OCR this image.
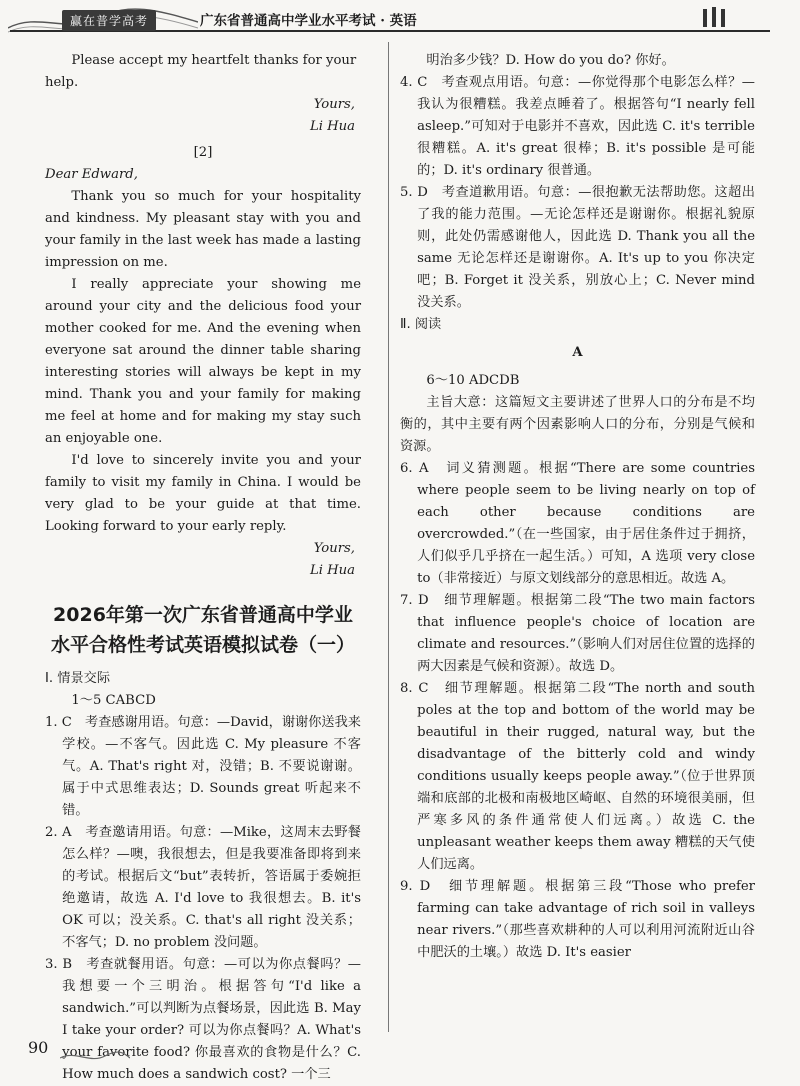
赢在普学高考	广东省普通高中学业水平考试 · 英语

Please accept my heartfelt thanks for your help.

Yours,

Li Hua

[2]

Dear Edward,

Thank you so much for your hospitality and kindness. My pleasant stay with you and your family in the last week has made a lasting impression on me.

I really appreciate your showing me around your city and the delicious food your mother cooked for me. And the evening when everyone sat around the dinner table sharing interesting stories will always be kept in my mind. Thank you and your family for making me feel at home and for making my stay such an enjoyable one.

I'd love to sincerely invite you and your family to visit my family in China. I would be very glad to be your guide at that time. Looking forward to your early reply.

Yours,

Li Hua

2026年第一次广东省普通高中学业水平合格性考试英语模拟试卷（一）

Ⅰ. 情景交际

1～5 CABCD

1. C　考查感谢用语。句意：—David，谢谢你送我来学校。—不客气。因此选 C. My pleasure 不客气。A. That's right 对，没错；B. 不要说谢谢。属于中式思维表达；D. Sounds great 听起来不错。

2. A　考查邀请用语。句意：—Mike，这周末去野餐怎么样？—噢，我很想去，但是我要准备即将到来的考试。根据后文“but”表转折，答语属于委婉拒绝邀请，故选 A. I'd love to 我很想去。B. it's OK 可以；没关系。C. that's all right 没关系；不客气；D. no problem 没问题。

3. B　考查就餐用语。句意：—可以为你点餐吗？—我想要一个三明治。根据答句“I'd like a sandwich.”可以判断为点餐场景，因此选 B. May I take your order? 可以为你点餐吗？A. What's your favorite food? 你最喜欢的食物是什么？C. How much does a sandwich cost? 一个三

明治多少钱？D. How do you do? 你好。

4. C　考查观点用语。句意：—你觉得那个电影怎么样？—我认为很糟糕。我差点睡着了。根据答句“I nearly fell asleep.”可知对于电影并不喜欢，因此选 C. it's terrible 很糟糕。A. it's great 很棒；B. it's possible 是可能的；D. it's ordinary 很普通。

5. D　考查道歉用语。句意：—很抱歉无法帮助您。这超出了我的能力范围。—无论怎样还是谢谢你。根据礼貌原则，此处仍需感谢他人，因此选 D. Thank you all the same 无论怎样还是谢谢你。A. It's up to you 你决定吧；B. Forget it 没关系，别放心上；C. Never mind 没关系。

Ⅱ. 阅读

A

6～10 ADCDB

主旨大意：这篇短文主要讲述了世界人口的分布是不均衡的，其中主要有两个因素影响人口的分布，分别是气候和资源。

6. A　词义猜测题。根据“There are some countries where people seem to be living nearly on top of each other because conditions are overcrowded.”（在一些国家，由于居住条件过于拥挤，人们似乎几乎挤在一起生活。）可知，A 选项 very close to（非常接近）与原文划线部分的意思相近。故选 A。

7. D　细节理解题。根据第二段“The two main factors that influence people's choice of location are climate and resources.”（影响人们对居住位置的选择的两大因素是气候和资源）。故选 D。

8. C　细节理解题。根据第二段“The north and south poles at the top and bottom of the world may be beautiful in their rugged, natural way, but the disadvantage of the bitterly cold and windy conditions usually keeps people away.”（位于世界顶端和底部的北极和南极地区崎岖、自然的环境很美丽，但严寒多风的条件通常使人们远离。）故选 C. the unpleasant weather keeps them away 糟糕的天气使人们远离。

9. D　细节理解题。根据第三段“Those who prefer farming can take advantage of rich soil in valleys near rivers.”（那些喜欢耕种的人可以利用河流附近山谷中肥沃的土壤。）故选 D. It's easier

90
